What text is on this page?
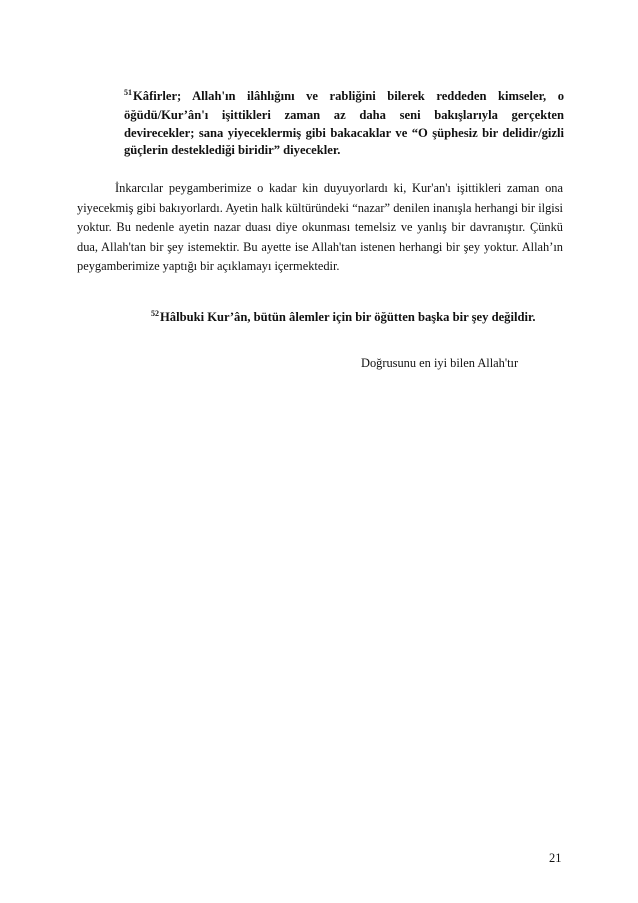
$^{51}$Kâfirler; Allah'ın ilâhlığını ve rabliğini bilerek reddeden kimseler, o öğüdü/Kur’ân'ı işittikleri zaman az daha seni bakışlarıyla gerçekten devirecekler; sana yiyeceklermiş gibi bakacaklar ve “O şüphesiz bir delidir/gizli güçlerin desteklediği biridir” diyecekler.

İnkarcılar peygamberimize o kadar kin duyuyorlardı ki, Kur'an'ı işittikleri zaman ona yiyecekmiş gibi bakıyorlardı. Ayetin halk kültüründeki “nazar” denilen inanışla herhangi bir ilgisi yoktur. Bu nedenle ayetin nazar duası diye okunması temelsiz ve yanlış bir davranıştır. Çünkü dua, Allah'tan bir şey istemektir. Bu ayette ise Allah'tan istenen herhangi bir şey yoktur. Allah’ın peygamberimize yaptığı bir açıklamayı içermektedir.

$^{52}$Hâlbuki Kur’ân, bütün âlemler için bir öğütten başka bir şey değildir.
Doğrusunu en iyi bilen Allah'tır
21
